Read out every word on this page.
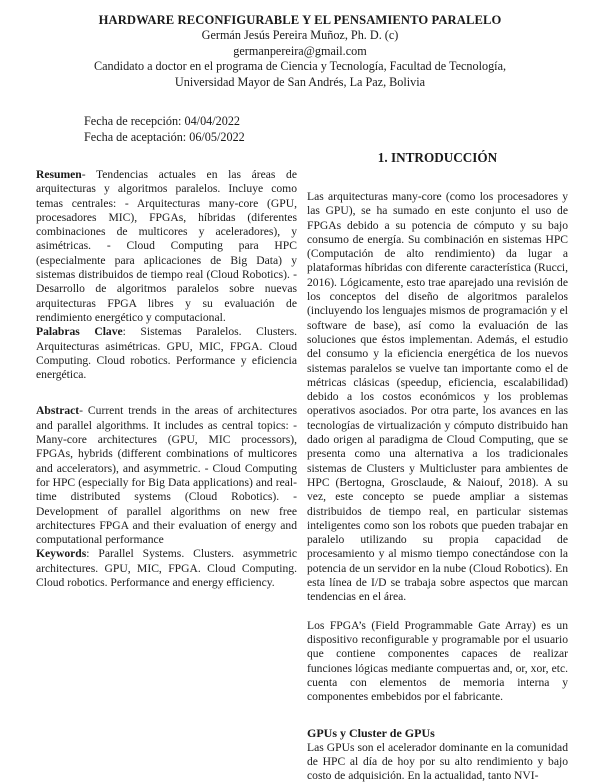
HARDWARE RECONFIGURABLE Y EL PENSAMIENTO PARALELO
Germán Jesús Pereira Muñoz, Ph. D. (c)
germanpereira@gmail.com
Candidato a doctor en el programa de Ciencia y Tecnología, Facultad de Tecnología,
Universidad Mayor de San Andrés, La Paz, Bolivia
Fecha de recepción: 04/04/2022
Fecha de aceptación: 06/05/2022

Resumen- Tendencias actuales en las áreas de arquitecturas y algoritmos paralelos. Incluye como temas centrales: - Arquitecturas many-core (GPU, procesadores MIC), FPGAs, híbridas (diferentes combinaciones de multicores y aceleradores), y asimétricas. - Cloud Computing para HPC (especialmente para aplicaciones de Big Data) y sistemas distribuidos de tiempo real (Cloud Robotics). - Desarrollo de algoritmos paralelos sobre nuevas arquitecturas FPGA libres y su evaluación de rendimiento energético y computacional.

Palabras Clave: Sistemas Paralelos. Clusters. Arquitecturas asimétricas. GPU, MIC, FPGA. Cloud Computing. Cloud robotics. Performance y eficiencia energética.

Abstract- Current trends in the areas of architectures and parallel algorithms. It includes as central topics: - Many-core architectures (GPU, MIC processors), FPGAs, hybrids (different combinations of multicores and accelerators), and asymmetric. - Cloud Computing for HPC (especially for Big Data applications) and real-time distributed systems (Cloud Robotics). - Development of parallel algorithms on new free architectures FPGA and their evaluation of energy and computational performance

Keywords: Parallel Systems. Clusters. asymmetric architectures. GPU, MIC, FPGA. Cloud Computing. Cloud robotics. Performance and energy efficiency.

1. INTRODUCCIÓN

Las arquitecturas many-core (como los procesadores y las GPU), se ha sumado en este conjunto el uso de FPGAs debido a su potencia de cómputo y su bajo consumo de energía. Su combinación en sistemas HPC (Computación de alto rendimiento) da lugar a plataformas híbridas con diferente característica (Rucci, 2016). Lógicamente, esto trae aparejado una revisión de los conceptos del diseño de algoritmos paralelos (incluyendo los lenguajes mismos de programación y el software de base), así como la evaluación de las soluciones que éstos implementan. Además, el estudio del consumo y la eficiencia energética de los nuevos sistemas paralelos se vuelve tan importante como el de métricas clásicas (speedup, eficiencia, escalabilidad) debido a los costos económicos y los problemas operativos asociados. Por otra parte, los avances en las tecnologías de virtualización y cómputo distribuido han dado origen al paradigma de Cloud Computing, que se presenta como una alternativa a los tradicionales sistemas de Clusters y Multicluster para ambientes de HPC (Bertogna, Grosclaude, & Naiouf, 2018). A su vez, este concepto se puede ampliar a sistemas distribuidos de tiempo real, en particular sistemas inteligentes como son los robots que pueden trabajar en paralelo utilizando su propia capacidad de procesamiento y al mismo tiempo conectándose con la potencia de un servidor en la nube (Cloud Robotics). En esta línea de I/D se trabaja sobre aspectos que marcan tendencias en el área.

Los FPGA’s (Field Programmable Gate Array) es un dispositivo reconfigurable y programable por el usuario que contiene componentes capaces de realizar funciones lógicas mediante compuertas and, or, xor, etc. cuenta con elementos de memoria interna y componentes embebidos por el fabricante.

GPUs y Cluster de GPUs

Las GPUs son el acelerador dominante en la comunidad de HPC al día de hoy por su alto rendimiento y bajo costo de adquisición. En la actualidad, tanto NVI-
